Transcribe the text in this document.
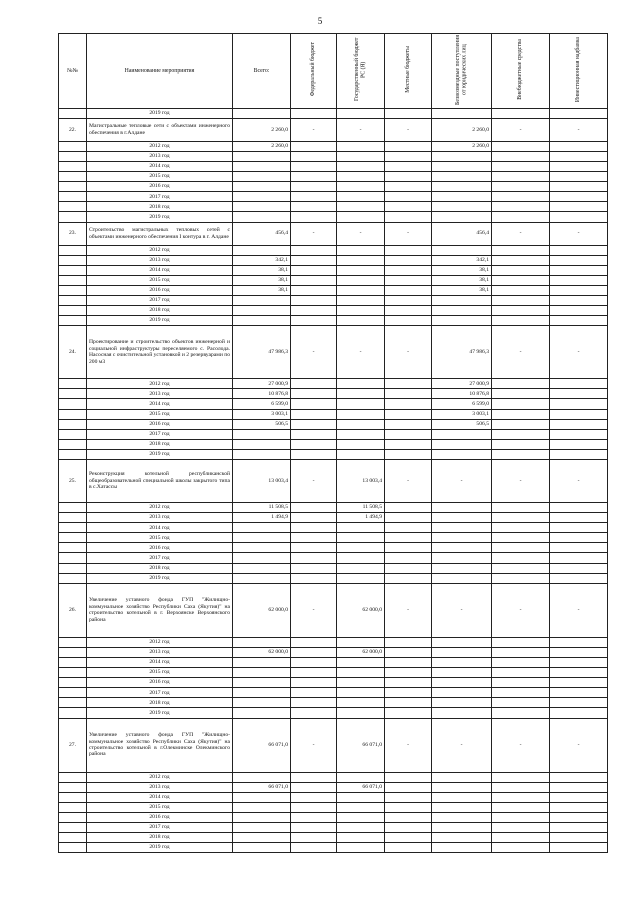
5
№№	Наименование мероприятия	Всего:	Федеральный бюджет	Государственный бюджет РС (Я)	Местные бюджеты	Безвозмездные поступления от юридических лиц	Внебюджетные средства	Инвестиционная надбавка
	2019 год							
22.	Магистральные тепловые сети с объектами инженерного обеспечения в г.Алдане	2 260,0	-	-	-	2 260,0	-	-
	2012 год	2 260,0				2 260,0		
	2013 год							
	2014 год							
	2015 год							
	2016 год							
	2017 год							
	2018 год							
	2019 год							
23.	Строительство магистральных тепловых сетей с объектами инженерного обеспечения I контура в г. Алдане	456,4	-	-	-	456,4	-	-
	2012 год							
	2013 год	342,1				342,1		
	2014 год	38,1				38,1		
	2015 год	38,1				38,1		
	2016 год	38,1				38,1		
	2017 год							
	2018 год							
	2019 год							
24.	Проектирование и строительство объектов инженерной и социальной инфраструктуры переселяемого с. Расолода. Насосная с очистительной установкой и 2 резервуарами по 200 м3	47 986,3	-	-	-	47 986,3	-	-
	2012 год	27 000,9				27 000,9		
	2013 год	10 876,8				10 876,8		
	2014 год	6 599,0				6 599,0		
	2015 год	3 003,1				3 003,1		
	2016 год	506,5				506,5		
	2017 год							
	2018 год							
	2019 год							
25.	Реконструкция котельной республиканской общеобразовательной специальной школы закрытого типа в с.Хатассы	13 003,4	-	13 003,4	-	-	-	-
	2012 год	11 508,5		11 508,5				
	2013 год	1 494,9		1 494,9				
	2014 год							
	2015 год							
	2016 год							
	2017 год							
	2018 год							
	2019 год							
26.	Увеличение уставного фонда ГУП "Жилищно-коммунальное хозяйство Республики Саха (Якутия)" на строительство котельной в г. Верхоянске Верхоянского района	62 000,0	-	62 000,0	-	-	-	-
	2012 год							
	2013 год	62 000,0		62 000,0				
	2014 год							
	2015 год							
	2016 год							
	2017 год							
	2018 год							
	2019 год							
27.	Увеличение уставного фонда ГУП "Жилищно-коммунальное хозяйство Республики Саха (Якутия)" на строительство котельной в г.Олекминске Олекминского района	66 071,0	-	66 071,0	-	-	-	-
	2012 год							
	2013 год	66 071,0		66 071,0				
	2014 год							
	2015 год							
	2016 год							
	2017 год							
	2018 год							
	2019 год							
